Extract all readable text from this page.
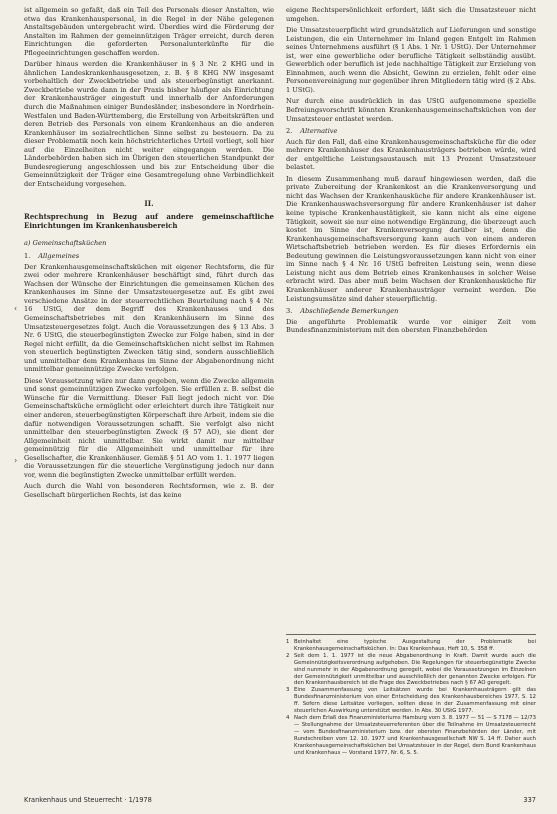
‹
›

ist allgemein so gefaßt, daß ein Teil des Personals dieser Anstalten, wie etwa das Krankenhauspersonal, in die Regel in der Nähe gelegenen Anstaltsgebäuden untergebracht wird. Überdies wird die Förderung der Anstalten im Rahmen der gemeinnützigen Träger erreicht, durch deren Einrichtungen die geforderten Personalunterkünfte für die Pflegeeinrichtungen geschaffen werden.

Darüber hinaus werden die Krankenhäuser in § 3 Nr. 2 KHG und in ähnlichen Landeskrankenhausgesetzen, z. B. § 8 KHG NW insgesamt vorbehaltlich der Zweckbetriebe und als steuerbegünstigt anerkannt. Zweckbetriebe wurde dann in der Praxis bisher häufiger als Einrichtung der Krankenhausträger eingestuft und innerhalb der Anforderungen durch die Maßnahmen einiger Bundesländer, insbesondere in Nordrhein-Westfalen und Baden-Württemberg, die Erstellung von Arbeitskräften und deren Betrieb des Personals von einem Krankenhaus an die anderen Krankenhäuser im sozialrechtlichen Sinne selbst zu besteuern. Da zu dieser Problematik noch kein höchstrichterliches Urteil vorliegt, soll hier auf die Einzelheiten nicht weiter eingegangen werden. Die Länderbehörden haben sich im Übrigen den steuerlichen Standpunkt der Bundesregierung angeschlossen und bis zur Entscheidung über die Gemeinnützigkeit der Träger eine Gesamtregelung ohne Verbindlichkeit der Entscheidung vorgesehen.

II.
Rechtsprechung in Bezug auf andere gemeinschaftliche Einrichtungen im Krankenhausbereich
a) Gemeinschaftsküchen
1. Allgemeines

Der Krankenhausgemeinschaftsküchen mit eigener Rechtsform, die für zwei oder mehrere Krankenhäuser beschäftigt sind, führt durch das Wachsen der Wünsche der Einrichtungen die gemeinsamen Küchen des Krankenhauses im Sinne der Umsatzsteuergesetze auf. Es gibt zwei verschiedene Ansätze in der steuerrechtlichen Beurteilung nach § 4 Nr. 16 UStG, der dem Begriff des Krankenhauses und des Gemeinschaftsbetriebes mit den Krankenhäusern im Sinne des Umsatzsteuergesetzes folgt. Auch die Voraussetzungen des § 13 Abs. 3 Nr. 6 UStG, die steuerbegünstigten Zwecke zur Folge haben, sind in der Regel nicht erfüllt, da die Gemeinschaftsküchen nicht selbst im Rahmen von steuerlich begünstigten Zwecken tätig sind, sondern ausschließlich und unmittelbar dem Krankenhaus im Sinne der Abgabenordnung nicht unmittelbar gemeinnützige Zwecke verfolgen.

Diese Voraussetzung wäre nur dann gegeben, wenn die Zwecke allgemein und sonst gemeinnützigen Zwecke verfolgen. Sie erfüllen z. B. selbst die Wünsche für die Vermittlung. Dieser Fall liegt jedoch nicht vor. Die Gemeinschaftsküche ermöglicht oder erleichtert durch ihre Tätigkeit nur einer anderen, steuerbegünstigten Körperschaft ihre Arbeit, indem sie die dafür notwendigen Voraussetzungen schafft. Sie verfolgt also nicht unmittelbar den steuerbegünstigten Zweck (§ 57 AO), sie dient der Allgemeinheit nicht unmittelbar. Sie wirkt damit nur mittelbar gemeinnützig für die Allgemeinheit und unmittelbar für ihre Gesellschafter, die Krankenhäuser. Gemäß § 51 AO vom 1. 1. 1977 liegen die Voraussetzungen für die steuerliche Vergünstigung jedoch nur dann vor, wenn die begünstigten Zwecke unmittelbar erfüllt werden.

Auch durch die Wahl von besonderen Rechtsformen, wie z. B. der Gesellschaft bürgerlichen Rechts, ist das keine

eigene Rechtspersönlichkeit erfordert, läßt sich die Umsatzsteuer nicht umgehen.

Die Umsatzsteuerpflicht wird grundsätzlich auf Lieferungen und sonstige Leistungen, die ein Unternehmer im Inland gegen Entgelt im Rahmen seines Unternehmens ausführt (§ 1 Abs. 1 Nr. 1 UStG). Der Unternehmer ist, wer eine gewerbliche oder berufliche Tätigkeit selbständig ausübt. Gewerblich oder beruflich ist jede nachhaltige Tätigkeit zur Erzielung von Einnahmen, auch wenn die Absicht, Gewinn zu erzielen, fehlt oder eine Personenvereinigung nur gegenüber ihren Mitgliedern tätig wird (§ 2 Abs. 1 UStG).

Nur durch eine ausdrücklich in das UStG aufgenommene spezielle Befreiungsvorschrift könnten Krankenhausgemeinschaftsküchen von der Umsatzsteuer entlastet werden.

2. Alternative

Auch für den Fall, daß eine Krankenhausgemeinschaftsküche für die oder mehrere Krankenhäuser des Krankenhausträgers betrieben würde, wird der entgeltliche Leistungsaustausch mit 13 Prozent Umsatzsteuer belastet.

In diesem Zusammenhang muß darauf hingewiesen werden, daß die private Zubereitung der Krankenkost an die Krankenversorgung und nicht das Wachsen der Krankenhausküche für andere Krankenhäuser ist. Die Krankenhauswachsversorgung für andere Krankenhäuser ist daher keine typische Krankenhaustätigkeit, sie kann nicht als eine eigene Tätigkeit, soweit sie nur eine notwendige Ergänzung, die überzeugt auch kostet im Sinne der Krankenversorgung darüber ist, denn die Krankenhausgemeinschaftsversorgung kann auch von einem anderen Wirtschaftsbetrieb betrieben werden. Es für dieses Erfordernis ein Bedeutung gewinnen die Leistungsvoraussetzungen kann nicht von einer im Sinne nach § 4 Nr. 16 UStG befreiten Leistung sein, wenn diese Leistung nicht aus dem Betrieb eines Krankenhauses in solcher Weise erbracht wird. Das aber muß beim Wachsen der Krankenhausküche für Krankenhäuser anderer Krankenhausträger verneint werden. Die Leistungsumsätze sind daher steuerpflichtig.

3. Abschließende Bemerkungen

Die angeführte Problematik wurde vor einiger Zeit vom Bundesfinanzministerium mit den obersten Finanzbehörden

1 Beinhaltet eine typische Ausgestaltung der Problematik bei Krankenhausgemeinschaftsküchen. In: Das Krankenhaus, Heft 10, S. 358 ff.
2 Seit dem 1. 1. 1977 ist die neue Abgabenordnung in Kraft. Damit wurde auch die Gemeinnützigkeitsverordnung aufgehoben. Die Regelungen für steuerbegünstigte Zwecke sind nunmehr in der Abgabenordnung geregelt, wobei die Voraussetzungen im Einzelnen der Gemeinnützigkeit unmittelbar und ausschließlich der genannten Zwecke erfolgen. Für den Krankenhausbereich ist die Frage des Zweckbetriebes nach § 67 AO geregelt.
3 Eine Zusammenfassung von Leitsätzen wurde bei Krankenhausträgern gilt das Bundesfinanzministerium von einer Entscheidung des Krankenhausbereiches 1977, S. 12 ff. Sofern diese Leitsätze vorliegen, sollten diese in der Zusammenfassung mit einer steuerlichen Auswirkung unterstützt werden. In Abs. 30 UStG 1977.
4 Nach dem Erlaß des Finanzministeriums Hamburg vom 3. 8. 1977 — 51 — S 7178 — 12/73 — Stellungnahme der Umsatzsteuerreferenten über die Teilnahme im Umsatzsteuerrecht — vom Bundesfinanzministerium bzw. der obersten Finanzbehörden der Länder, mit Rundschreiben vom 12. 10. 1977 und Krankenhausgesellschaft NW S. 14 ff. Daher auch Krankenhausgemeinschaftsküchen bei Umsatzsteuer in der Regel, dem Bund Krankenhaus und Krankenhaus — Vorstand 1977, Nr. 6, S. 5.
Krankenhaus und Steuerrecht · 1/1978	337
